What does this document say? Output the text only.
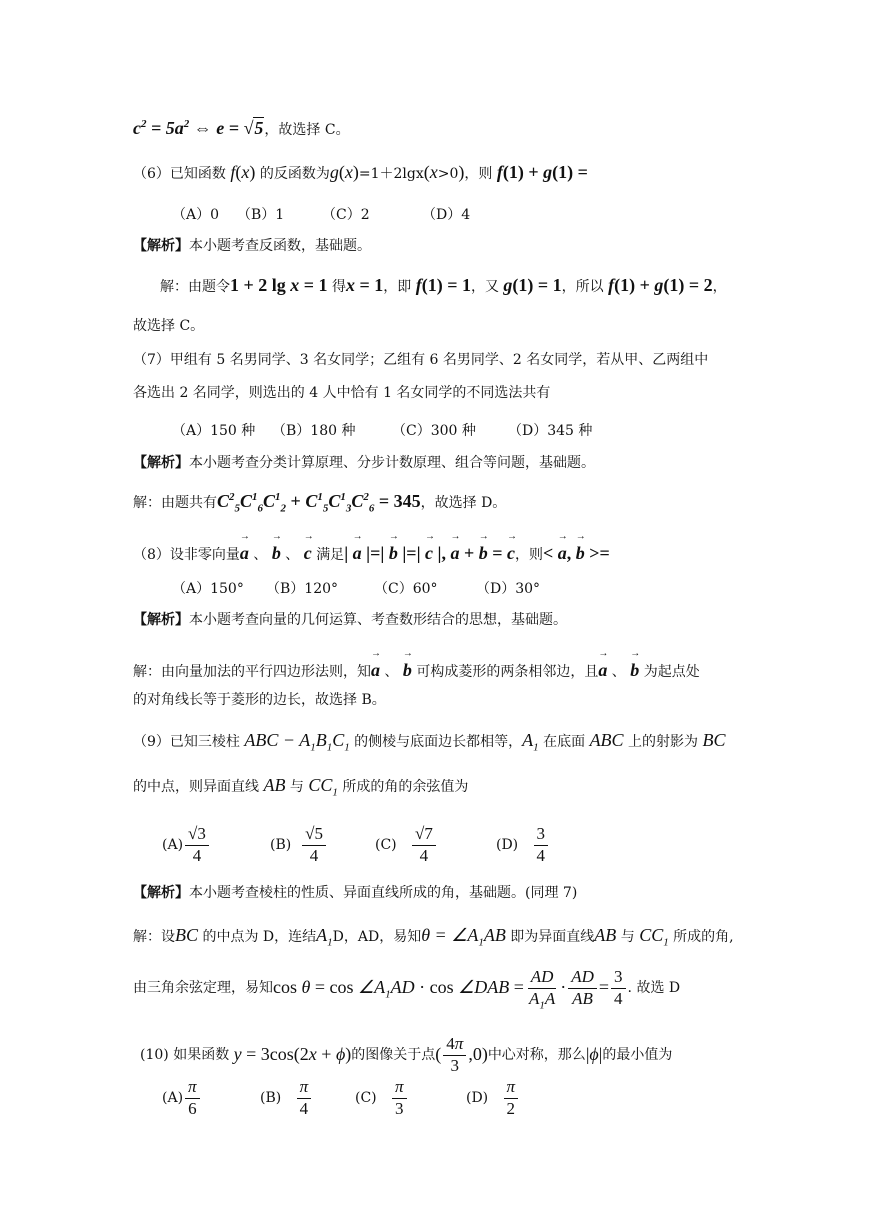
$c^2 = 5a^2$ ⇔ e = √5，故选择 C。
（6）已知函数 f(x) 的反函数为g(x)=1＋2lgx(x>0)，则 f(1) + g(1) =
（A）0 （B）1	（C）2	（D）4
【解析】本小题考查反函数，基础题。
解：由题令1 + 2 lg x = 1 得x = 1，即 f(1) = 1，又 g(1) = 1，所以 f(1) + g(1) = 2，
故选择 C。
（7）甲组有 5 名男同学、3 名女同学；乙组有 6 名男同学、2 名女同学，若从甲、乙两组中
各选出 2 名同学，则选出的 4 人中恰有 1 名女同学的不同选法共有
（A）150 种 （B）180 种	（C）300 种 （D）345 种
【解析】本小题考查分类计算原理、分步计数原理、组合等问题，基础题。
解：由题共有$C^2_5C^1_6C^1_2 + C^1_5C^1_3C^2_6 = 345$，故选择 D。
（8）设非零向量→ a 、 → b 、 → c 满足| → a |=| → b |=| → c |, → a + → b = → c，则< → a, → b >=
（A）150° （B）120°	（C）60°	（D）30°
【解析】本小题考查向量的几何运算、考查数形结合的思想，基础题。
解：由向量加法的平行四边形法则，知→ a 、 → b 可构成菱形的两条相邻边，且→ a 、 → b 为起点处
的对角线长等于菱形的边长，故选择 B。
（9）已知三棱柱 ABC − $A_1B_1C_1$ 的侧棱与底面边长都相等，$A_1$ 在底面 ABC 上的射影为 BC
的中点，则异面直线 AB 与 $CC_1$ 所成的角的余弦值为
$(A) \frac{√3}{4}$	(B)
$\frac{√5}{4}$	(C)
$\frac{√7}{4}$	(D)
$\frac{3}{4}$
【解析】本小题考查棱柱的性质、异面直线所成的角，基础题。(同理 7)
解：设BC 的中点为 D，连结$A_1D$，AD，易知$\theta = \angle A_1AB$ 即为异面直线AB 与 $CC_1$ 所成的角,
由三角余弦定理，易知 $\cos \theta = \cos \angle A_1AD \cdot \cos$ ∠DAB = $\frac{AD}{A_1A} \cdot \frac{AD}{AB} = \frac{3}{4}$ . 故选 D
(10) 如果函数
y = 3cos(2 x + ϕ ) 的图像关于点 ( $\frac{4\pi}{3} ,0$) 中心对称，那么 | ϕ | 的最小值为
$(A) \frac{\pi}{6}$	(B)
$\frac{\pi}{4}$	(C)
$\frac{\pi}{3}$	(D)
$\frac{\pi}{2}$
